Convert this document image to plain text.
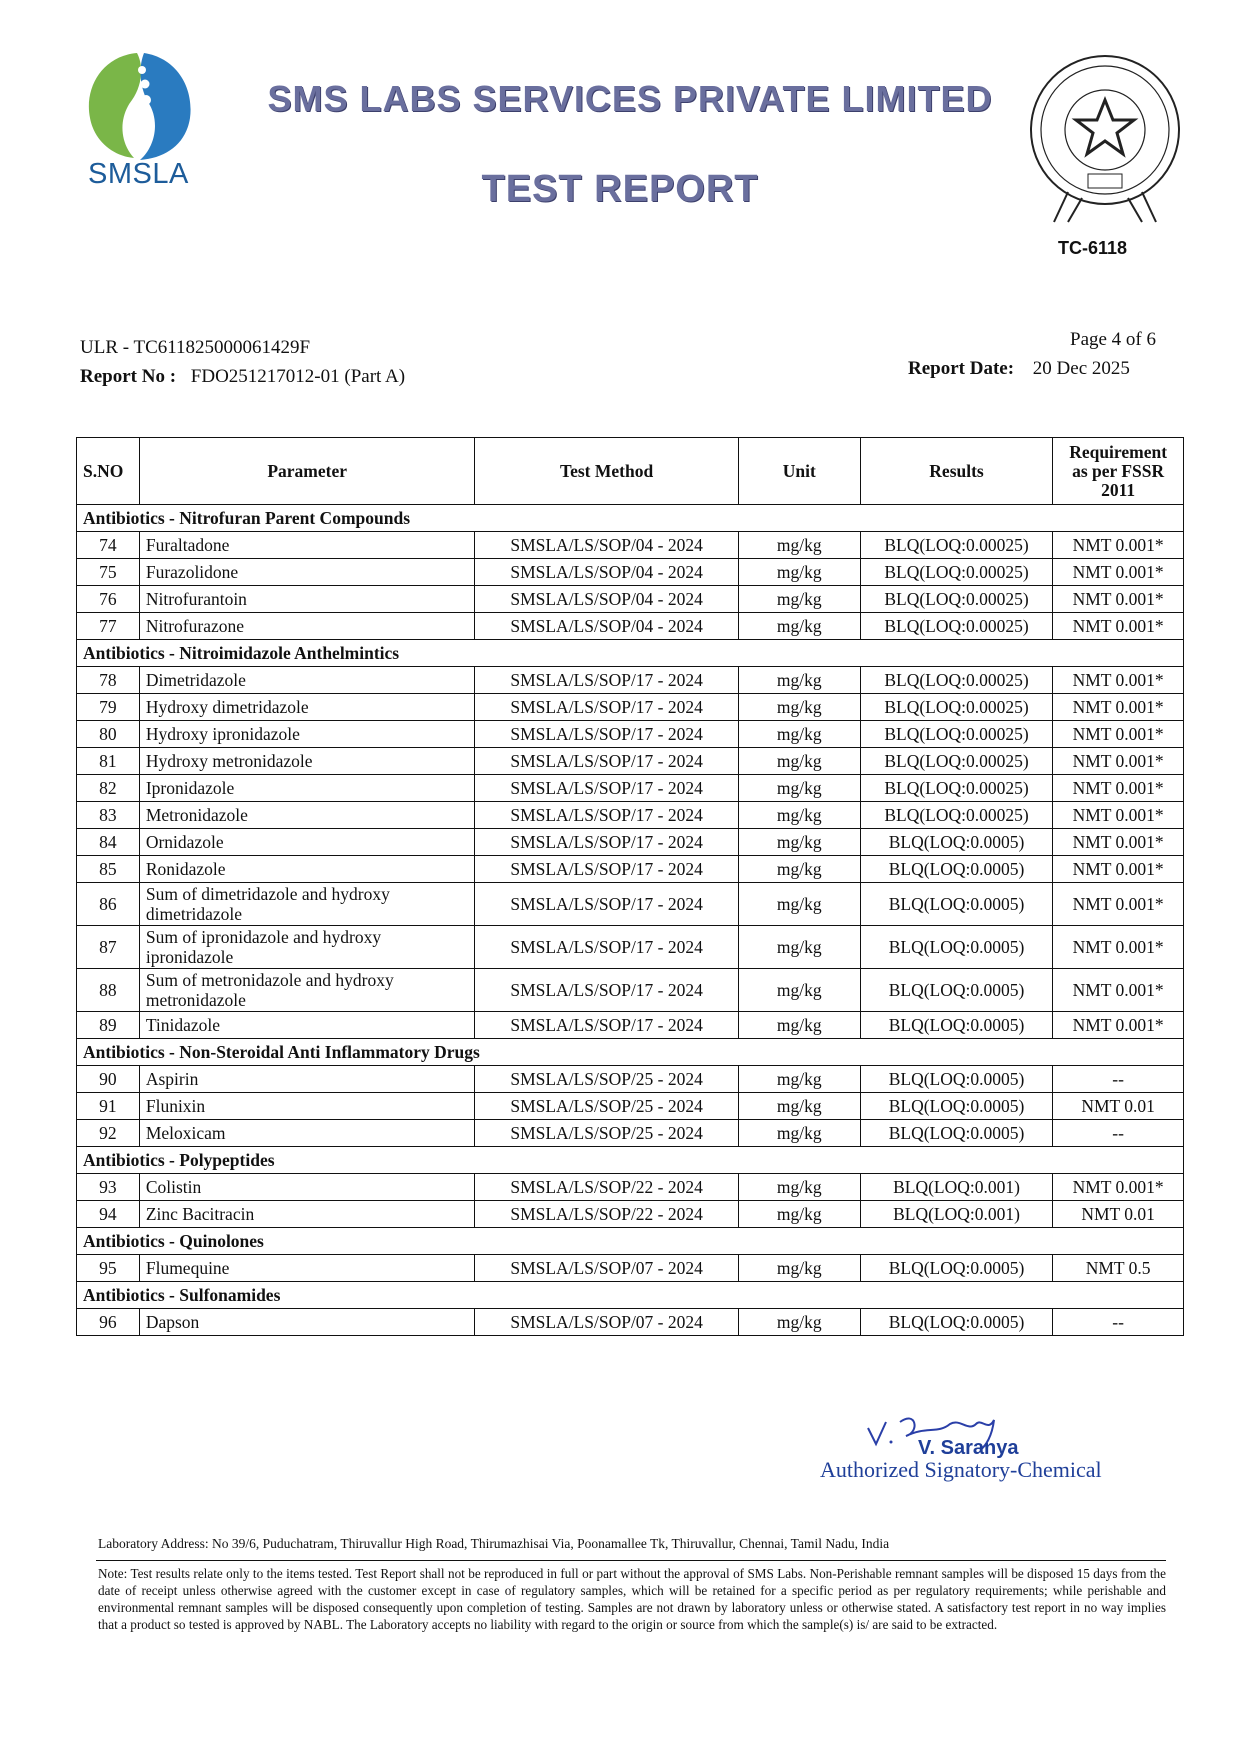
SMSLA
SMS LABS SERVICES PRIVATE LIMITED
TEST REPORT
TC-6118
ULR - TC611825000061429F
Report No : FDO251217012-01 (Part A)
Page 4 of 6
Report Date: 20 Dec 2025
S.NO	Parameter	Test Method	Unit	Results	Requirement as per FSSR 2011
Antibiotics - Nitrofuran Parent Compounds					
74	Furaltadone	SMSLA/LS/SOP/04 - 2024	mg/kg	BLQ(LOQ:0.00025)	NMT 0.001*
75	Furazolidone	SMSLA/LS/SOP/04 - 2024	mg/kg	BLQ(LOQ:0.00025)	NMT 0.001*
76	Nitrofurantoin	SMSLA/LS/SOP/04 - 2024	mg/kg	BLQ(LOQ:0.00025)	NMT 0.001*
77	Nitrofurazone	SMSLA/LS/SOP/04 - 2024	mg/kg	BLQ(LOQ:0.00025)	NMT 0.001*
Antibiotics - Nitroimidazole Anthelmintics					
78	Dimetridazole	SMSLA/LS/SOP/17 - 2024	mg/kg	BLQ(LOQ:0.00025)	NMT 0.001*
79	Hydroxy dimetridazole	SMSLA/LS/SOP/17 - 2024	mg/kg	BLQ(LOQ:0.00025)	NMT 0.001*
80	Hydroxy ipronidazole	SMSLA/LS/SOP/17 - 2024	mg/kg	BLQ(LOQ:0.00025)	NMT 0.001*
81	Hydroxy metronidazole	SMSLA/LS/SOP/17 - 2024	mg/kg	BLQ(LOQ:0.00025)	NMT 0.001*
82	Ipronidazole	SMSLA/LS/SOP/17 - 2024	mg/kg	BLQ(LOQ:0.00025)	NMT 0.001*
83	Metronidazole	SMSLA/LS/SOP/17 - 2024	mg/kg	BLQ(LOQ:0.00025)	NMT 0.001*
84	Ornidazole	SMSLA/LS/SOP/17 - 2024	mg/kg	BLQ(LOQ:0.0005)	NMT 0.001*
85	Ronidazole	SMSLA/LS/SOP/17 - 2024	mg/kg	BLQ(LOQ:0.0005)	NMT 0.001*
86	Sum of dimetridazole and hydroxy dimetridazole	SMSLA/LS/SOP/17 - 2024	mg/kg	BLQ(LOQ:0.0005)	NMT 0.001*
87	Sum of ipronidazole and hydroxy ipronidazole	SMSLA/LS/SOP/17 - 2024	mg/kg	BLQ(LOQ:0.0005)	NMT 0.001*
88	Sum of metronidazole and hydroxy metronidazole	SMSLA/LS/SOP/17 - 2024	mg/kg	BLQ(LOQ:0.0005)	NMT 0.001*
89	Tinidazole	SMSLA/LS/SOP/17 - 2024	mg/kg	BLQ(LOQ:0.0005)	NMT 0.001*
Antibiotics - Non-Steroidal Anti Inflammatory Drugs					
90	Aspirin	SMSLA/LS/SOP/25 - 2024	mg/kg	BLQ(LOQ:0.0005)	--
91	Flunixin	SMSLA/LS/SOP/25 - 2024	mg/kg	BLQ(LOQ:0.0005)	NMT 0.01
92	Meloxicam	SMSLA/LS/SOP/25 - 2024	mg/kg	BLQ(LOQ:0.0005)	--
Antibiotics - Polypeptides					
93	Colistin	SMSLA/LS/SOP/22 - 2024	mg/kg	BLQ(LOQ:0.001)	NMT 0.001*
94	Zinc Bacitracin	SMSLA/LS/SOP/22 - 2024	mg/kg	BLQ(LOQ:0.001)	NMT 0.01
Antibiotics - Quinolones					
95	Flumequine	SMSLA/LS/SOP/07 - 2024	mg/kg	BLQ(LOQ:0.0005)	NMT 0.5
Antibiotics - Sulfonamides					
96	Dapson	SMSLA/LS/SOP/07 - 2024	mg/kg	BLQ(LOQ:0.0005)	--
V. Saranya
Authorized Signatory-Chemical
Laboratory Address: No 39/6, Puduchatram, Thiruvallur High Road, Thirumazhisai Via, Poonamallee Tk, Thiruvallur, Chennai, Tamil Nadu, India
Note: Test results relate only to the items tested. Test Report shall not be reproduced in full or part without the approval of SMS Labs. Non-Perishable remnant samples will be disposed 15 days from the date of receipt unless otherwise agreed with the customer except in case of regulatory samples, which will be retained for a specific period as per regulatory requirements; while perishable and environmental remnant samples will be disposed consequently upon completion of testing. Samples are not drawn by laboratory unless or otherwise stated. A satisfactory test report in no way implies that a product so tested is approved by NABL. The Laboratory accepts no liability with regard to the origin or source from which the sample(s) is/ are said to be extracted.
